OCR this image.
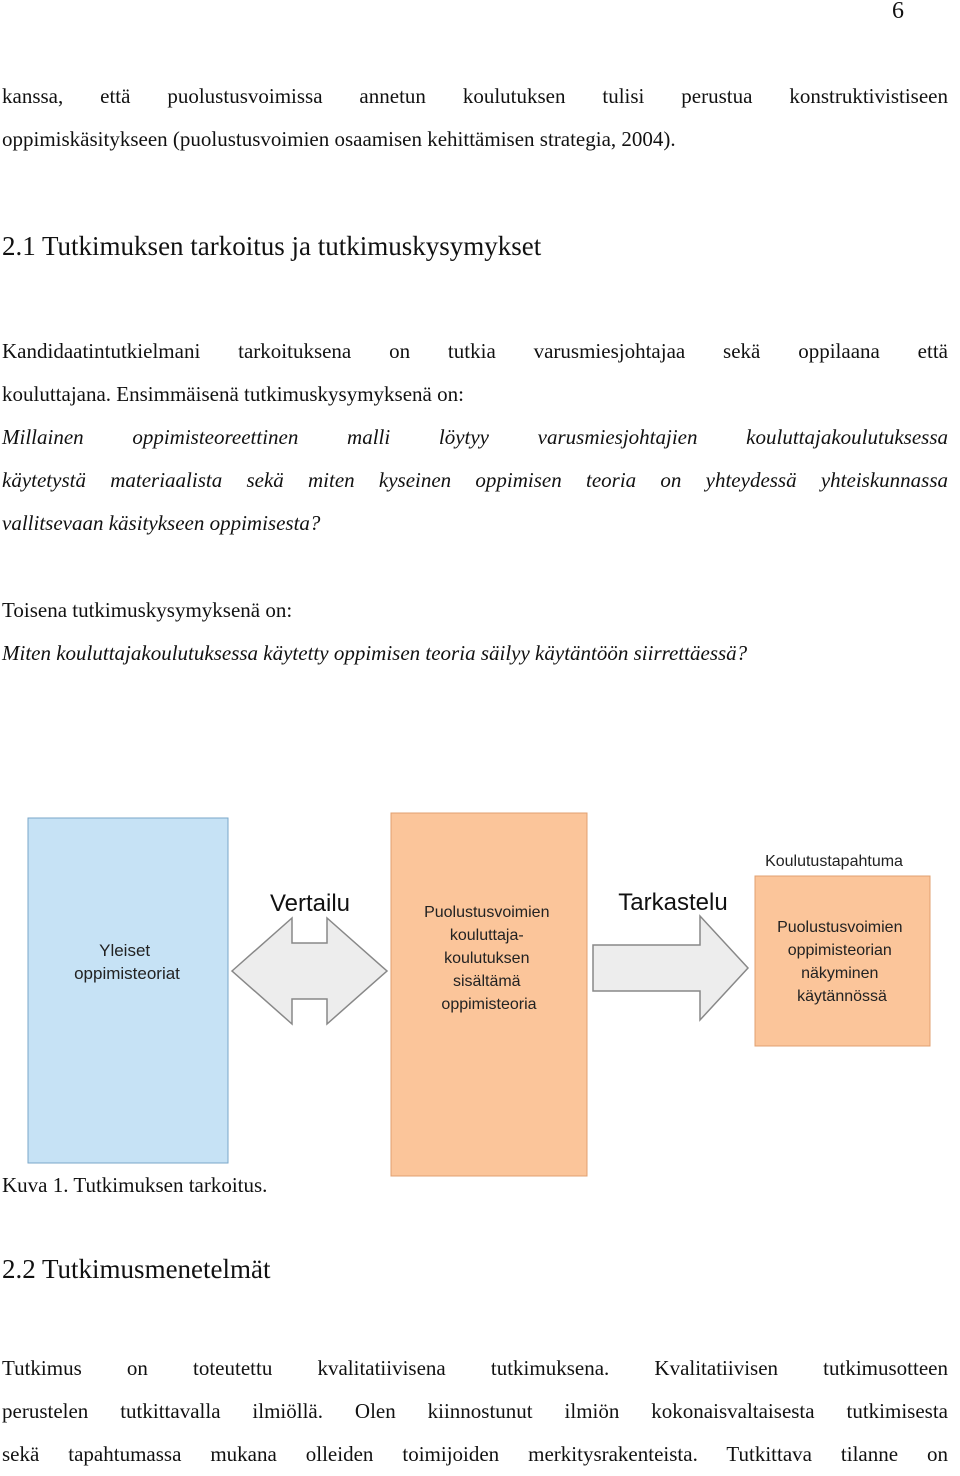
6

kanssa, että puolustusvoimissa annetun koulutuksen tulisi perustua konstruktivistiseen

oppimiskäsitykseen (puolustusvoimien osaamisen kehittämisen strategia, 2004).

2.1 Tutkimuksen tarkoitus ja tutkimuskysymykset

Kandidaatintutkielmani tarkoituksena on tutkia varusmiesjohtajaa sekä oppilaana että

kouluttajana. Ensimmäisenä tutkimuskysymyksenä on:

Millainen oppimisteoreettinen malli löytyy varusmiesjohtajien kouluttajakoulutuksessa

käytetystä materiaalista sekä miten kyseinen oppimisen teoria on yhteydessä yhteiskunnassa

vallitsevaan käsitykseen oppimisesta?

Toisena tutkimuskysymyksenä on:

Miten kouluttajakoulutuksessa käytetty oppimisen teoria säilyy käytäntöön siirrettäessä?

Yleiset oppimisteoriat
Vertailu	Puolustusvoimien kouluttaja- koulutuksen sisältämä oppimisteoria
Tarkastelu
Koulutustapahtuma
Puolustusvoimien oppimisteorian näkyminen käytännössä
Kuva 1. Tutkimuksen tarkoitus.
2.2 Tutkimusmenetelmät

Tutkimus on toteutettu kvalitatiivisena tutkimuksena. Kvalitatiivisen tutkimusotteen

perustelen tutkittavalla ilmiöllä. Olen kiinnostunut ilmiön kokonaisvaltaisesta tutkimisesta

sekä tapahtumassa mukana olleiden toimijoiden merkitysrakenteista. Tutkittava tilanne on
